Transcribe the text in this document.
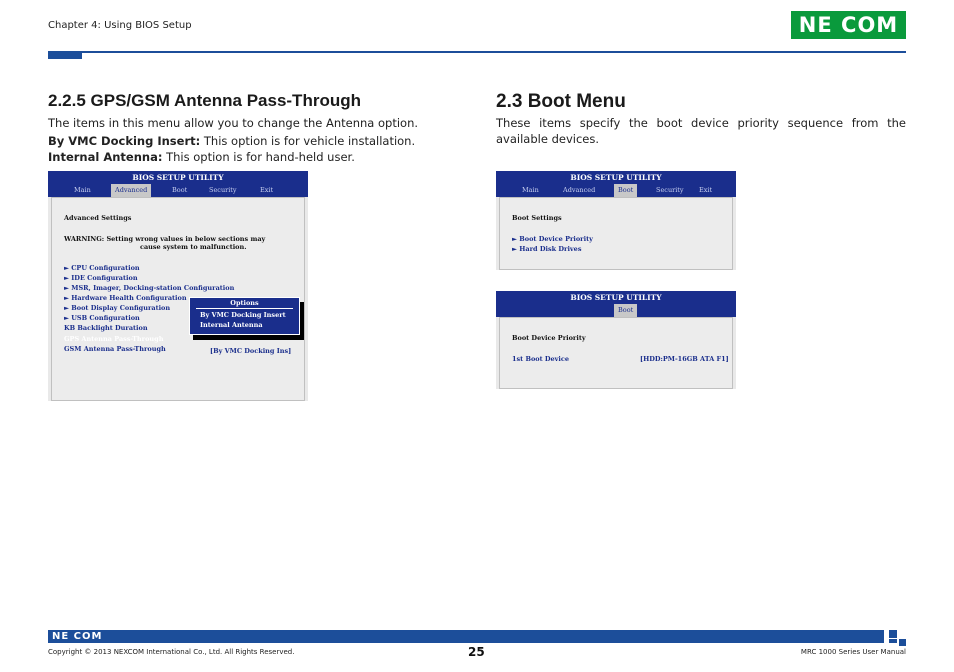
Chapter 4: Using BIOS Setup	NE COM
2.2.5 GPS/GSM Antenna Pass-Through
The items in this menu allow you to change the Antenna option.
By VMC Docking Insert: This option is for vehicle installation.
Internal Antenna: This option is for hand-held user.
BIOS SETUP UTILITY
Main	Advanced	Boot	Security	Exit
Advanced Settings
WARNING: Setting wrong values in below sections may
cause system to malfunction.
► CPU Configuration
► IDE Configuration
► MSR, Imager, Docking-station Configuration
► Hardware Health Configuration
► Boot Display Configuration
► USB Configuration
KB Backlight Duration
GPS Antenna Pass-Through
GSM Antenna Pass-Through	[By VMC Docking Ins]
Options
By VMC Docking Insert
Internal Antenna
2.3 Boot Menu
These items specify the boot device priority sequence from the available devices.
BIOS SETUP UTILITY
Main	Advanced	Boot	Security	Exit
Boot Settings
► Boot Device Priority
► Hard Disk Drives
BIOS SETUP UTILITY
Boot
Boot Device Priority
1st Boot Device	[HDD:PM-16GB ATA F1]
NE COM
Copyright © 2013 NEXCOM International Co., Ltd. All Rights Reserved.	25	MRC 1000 Series User Manual
